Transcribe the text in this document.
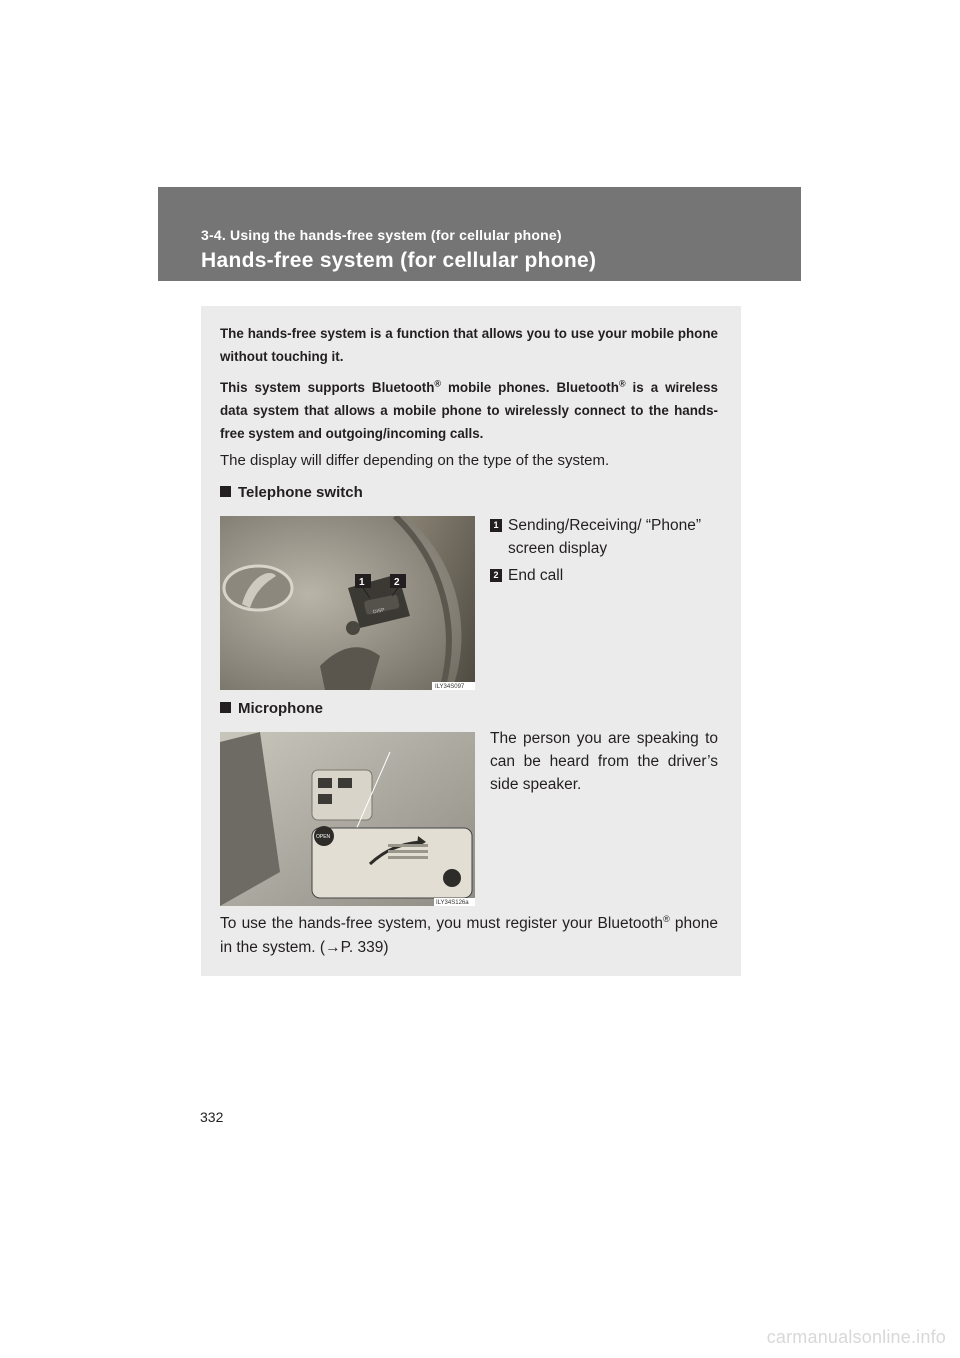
3-4. Using the hands-free system (for cellular phone)
Hands-free system (for cellular phone)

The hands-free system is a function that allows you to use your mobile phone without touching it.

This system supports Bluetooth® mobile phones. Bluetooth® is a wireless data system that allows a mobile phone to wirelessly connect to the hands-free system and outgoing/incoming calls.

The display will differ depending on the type of the system.
Telephone switch
DISP
1	2
ILY34S097
1 Sending/Receiving/ “Phone” screen display
2 End call
Microphone
OPEN
ILY34S126a
The person you are speaking to can be heard from the driver’s side speaker.
To use the hands-free system, you must register your Bluetooth® phone in the system. (→P. 339)
332
carmanualsonline.info
